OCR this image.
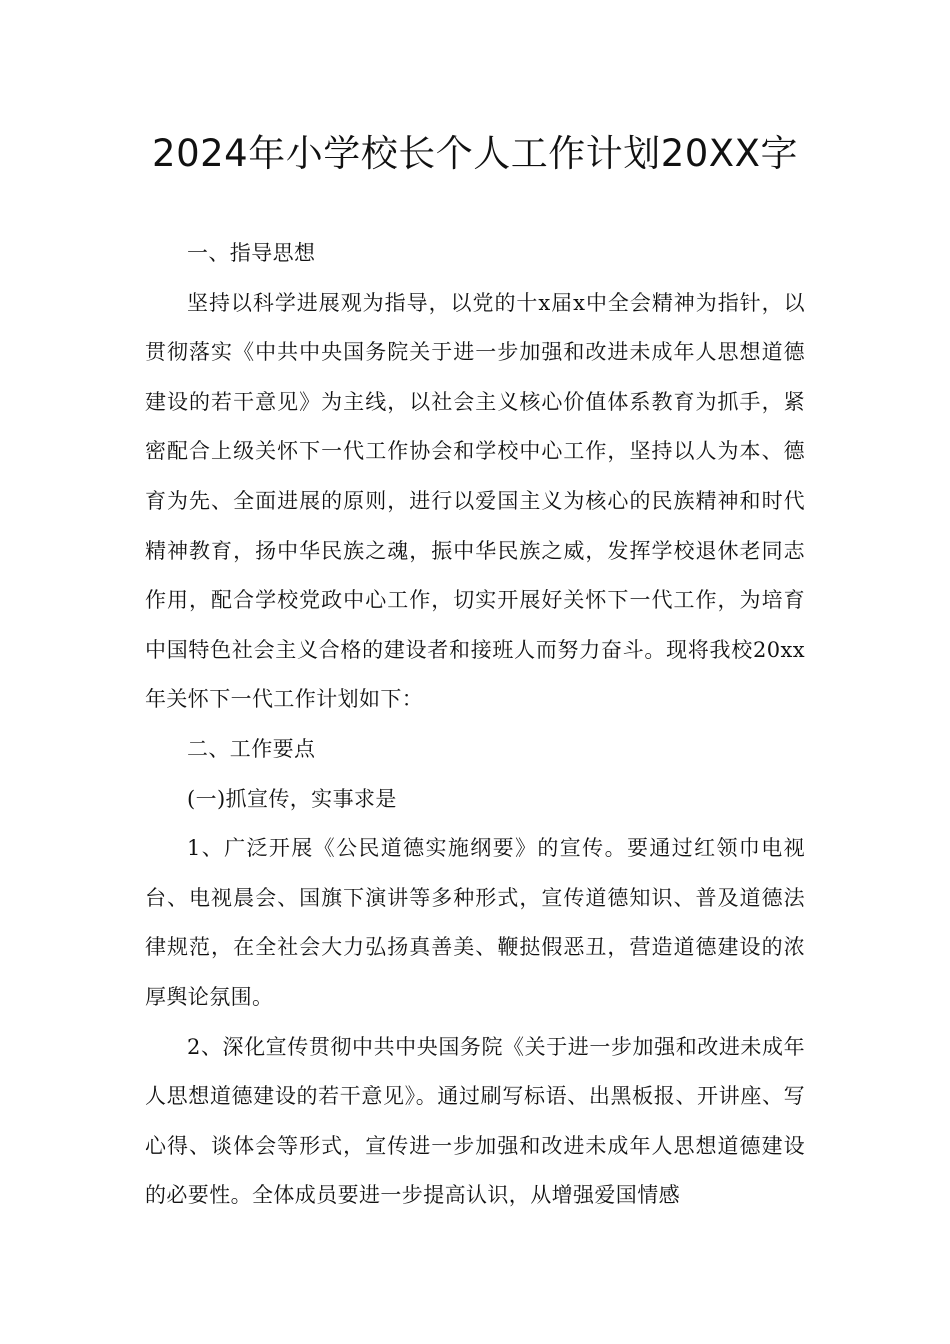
2024年小学校长个人工作计划20XX字

一、指导思想

坚持以科学进展观为指导，以党的十x届x中全会精神为指针，以贯彻落实《中共中央国务院关于进一步加强和改进未成年人思想道德建设的若干意见》为主线，以社会主义核心价值体系教育为抓手，紧密配合上级关怀下一代工作协会和学校中心工作，坚持以人为本、德育为先、全面进展的原则，进行以爱国主义为核心的民族精神和时代精神教育，扬中华民族之魂，振中华民族之威，发挥学校退休老同志作用，配合学校党政中心工作，切实开展好关怀下一代工作，为培育中国特色社会主义合格的建设者和接班人而努力奋斗。现将我校20xx年关怀下一代工作计划如下：

二、工作要点

(一)抓宣传，实事求是

1、广泛开展《公民道德实施纲要》的宣传。要通过红领巾电视台、电视晨会、国旗下演讲等多种形式，宣传道德知识、普及道德法律规范，在全社会大力弘扬真善美、鞭挞假恶丑，营造道德建设的浓厚舆论氛围。

2、深化宣传贯彻中共中央国务院《关于进一步加强和改进未成年人思想道德建设的若干意见》。通过刷写标语、出黑板报、开讲座、写心得、谈体会等形式，宣传进一步加强和改进未成年人思想道德建设的必要性。全体成员要进一步提高认识，从增强爱国情感
